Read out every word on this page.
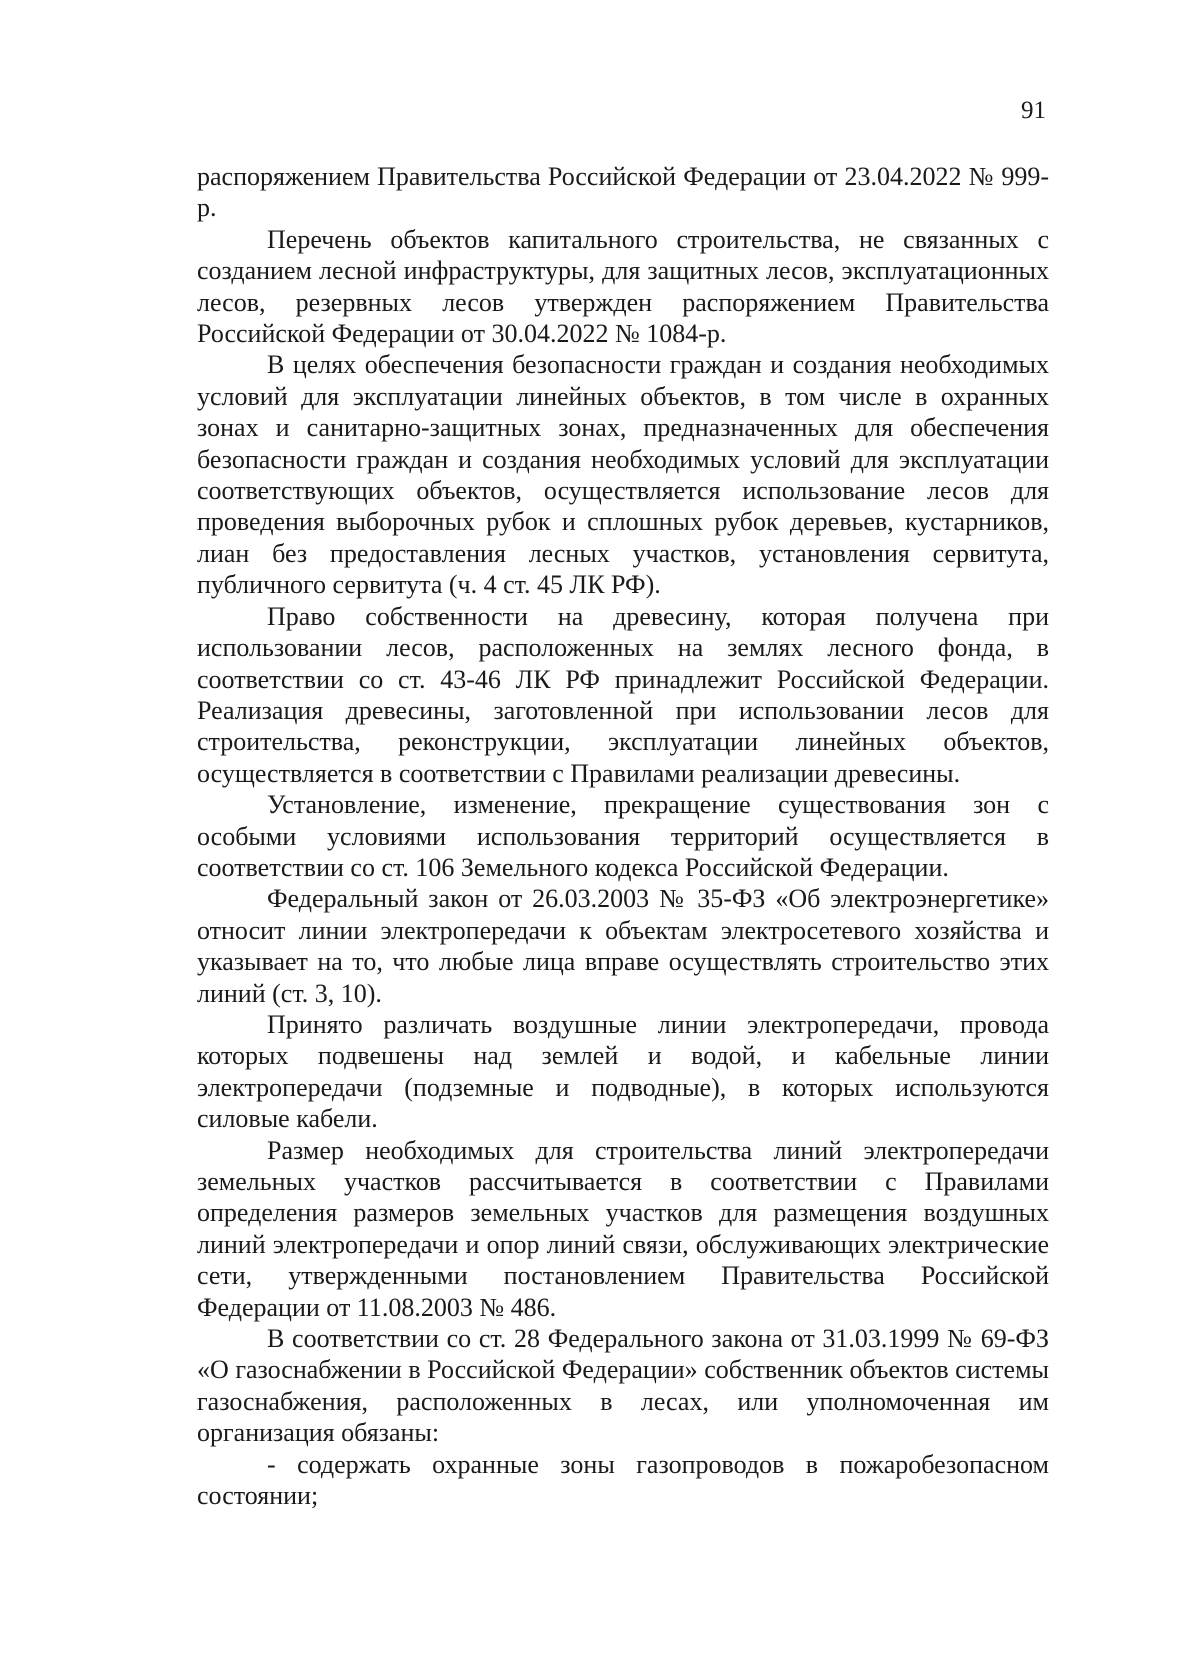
91

распоряжением Правительства Российской Федерации от 23.04.2022 № 999-р.

Перечень объектов капитального строительства, не связанных с созданием лесной инфраструктуры, для защитных лесов, эксплуатационных лесов, резервных лесов утвержден распоряжением Правительства Российской Федерации от 30.04.2022 № 1084-р.

В целях обеспечения безопасности граждан и создания необходимых условий для эксплуатации линейных объектов, в том числе в охранных зонах и санитарно-защитных зонах, предназначенных для обеспечения безопасности граждан и создания необходимых условий для эксплуатации соответствующих объектов, осуществляется использование лесов для проведения выборочных рубок и сплошных рубок деревьев, кустарников, лиан без предоставления лесных участков, установления сервитута, публичного сервитута (ч. 4 ст. 45 ЛК РФ).

Право собственности на древесину, которая получена при использовании лесов, расположенных на землях лесного фонда, в соответствии со ст. 43-46 ЛК РФ принадлежит Российской Федерации. Реализация древесины, заготовленной при использовании лесов для строительства, реконструкции, эксплуатации линейных объектов, осуществляется в соответствии с Правилами реализации древесины.

Установление, изменение, прекращение существования зон с особыми условиями использования территорий осуществляется в соответствии со ст. 106 Земельного кодекса Российской Федерации.

Федеральный закон от 26.03.2003 № 35-ФЗ «Об электроэнергетике» относит линии электропередачи к объектам электросетевого хозяйства и указывает на то, что любые лица вправе осуществлять строительство этих линий (ст. 3, 10).

Принято различать воздушные линии электропередачи, провода которых подвешены над землей и водой, и кабельные линии электропередачи (подземные и подводные), в которых используются силовые кабели.

Размер необходимых для строительства линий электропередачи земельных участков рассчитывается в соответствии с Правилами определения размеров земельных участков для размещения воздушных линий электропередачи и опор линий связи, обслуживающих электрические сети, утвержденными постановлением Правительства Российской Федерации от 11.08.2003 № 486.

В соответствии со ст. 28 Федерального закона от 31.03.1999 № 69-ФЗ «О газоснабжении в Российской Федерации» собственник объектов системы газоснабжения, расположенных в лесах, или уполномоченная им организация обязаны:

- содержать охранные зоны газопроводов в пожаробезопасном состоянии;
